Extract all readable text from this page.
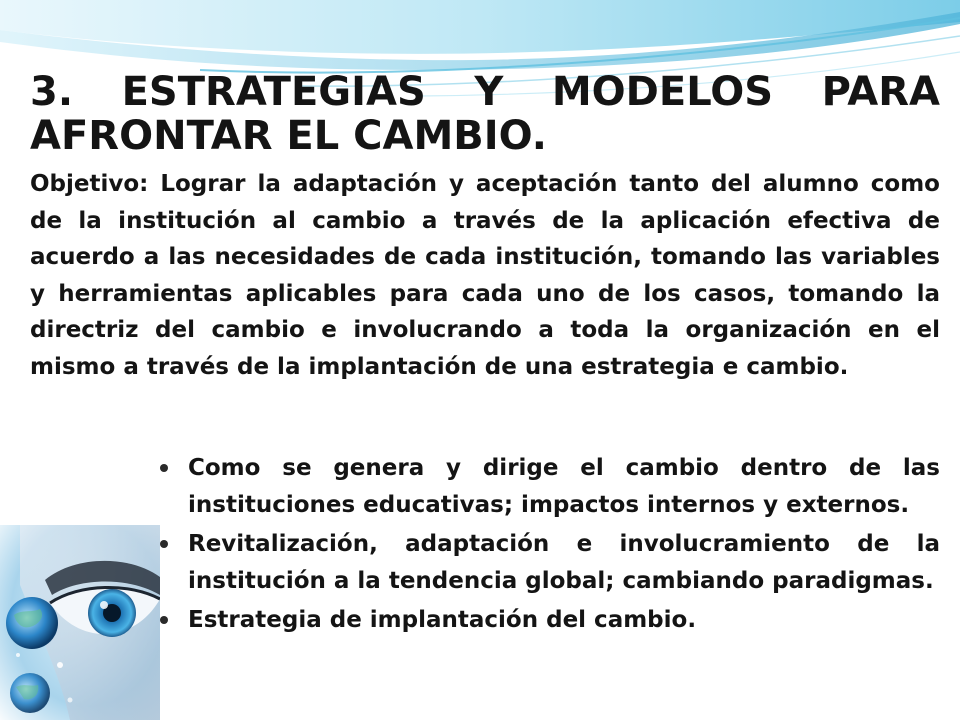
3. ESTRATEGIAS Y MODELOS PARA
AFRONTAR EL CAMBIO.

Objetivo: Lograr la adaptación y aceptación tanto del alumno como de la institución al cambio a través de la aplicación efectiva de acuerdo a las necesidades de cada institución, tomando las variables y herramientas aplicables para cada uno de los casos, tomando la directriz del cambio e involucrando a toda la organización en el mismo a través de la implantación de una estrategia e cambio.

Como se genera y dirige el cambio dentro de las instituciones educativas; impactos internos y externos.
Revitalización, adaptación e involucramiento de la institución a la tendencia global; cambiando paradigmas.
Estrategia de implantación del cambio.
